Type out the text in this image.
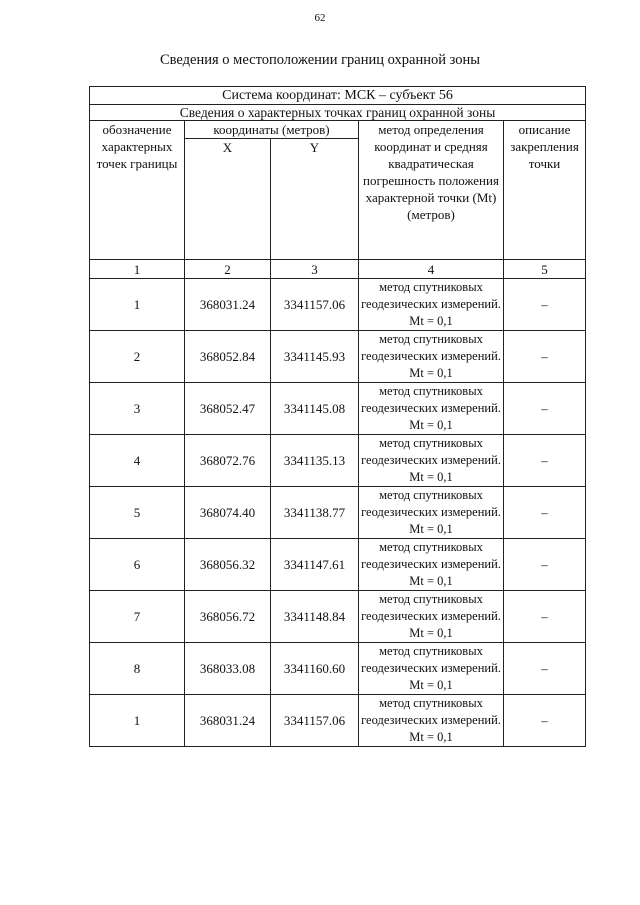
62
Сведения о местоположении границ охранной зоны
Система координат: МСК – субъект 56				
Сведения о характерных точках границ охранной зоны				
обозначение характерных точек границы	координаты (метров)		метод определения координат и средняя квадратическая погрешность положения характерной точки (Mt) (метров)	описание закрепления точки
	X	Y		
1	2	3	4	5
1	368031.24	3341157.06	метод спутниковых геодезических измерений. Mt = 0,1	–
2	368052.84	3341145.93	метод спутниковых геодезических измерений. Mt = 0,1	–
3	368052.47	3341145.08	метод спутниковых геодезических измерений. Mt = 0,1	–
4	368072.76	3341135.13	метод спутниковых геодезических измерений. Mt = 0,1	–
5	368074.40	3341138.77	метод спутниковых геодезических измерений. Mt = 0,1	–
6	368056.32	3341147.61	метод спутниковых геодезических измерений. Mt = 0,1	–
7	368056.72	3341148.84	метод спутниковых геодезических измерений. Mt = 0,1	–
8	368033.08	3341160.60	метод спутниковых геодезических измерений. Mt = 0,1	–
1	368031.24	3341157.06	метод спутниковых геодезических измерений. Mt = 0,1	–
